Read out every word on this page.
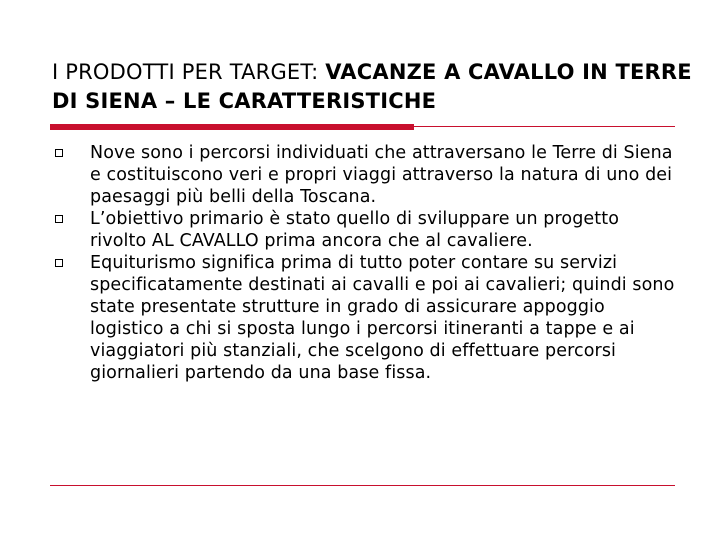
I PRODOTTI PER TARGET: VACANZE A CAVALLO IN TERRE DI SIENA – LE CARATTERISTICHE
Nove sono i percorsi individuati che attraversano le Terre di Siena e costituiscono veri e propri viaggi attraverso la natura di uno dei paesaggi più belli della Toscana.
L’obiettivo primario è stato quello di sviluppare un progetto rivolto AL CAVALLO prima ancora che al cavaliere.
Equiturismo significa prima di tutto poter contare su servizi specificatamente destinati ai cavalli e poi ai cavalieri; quindi sono state presentate strutture in grado di assicurare appoggio logistico a chi si sposta lungo i percorsi itineranti a tappe e ai viaggiatori più stanziali, che scelgono di effettuare percorsi giornalieri partendo da una base fissa.
